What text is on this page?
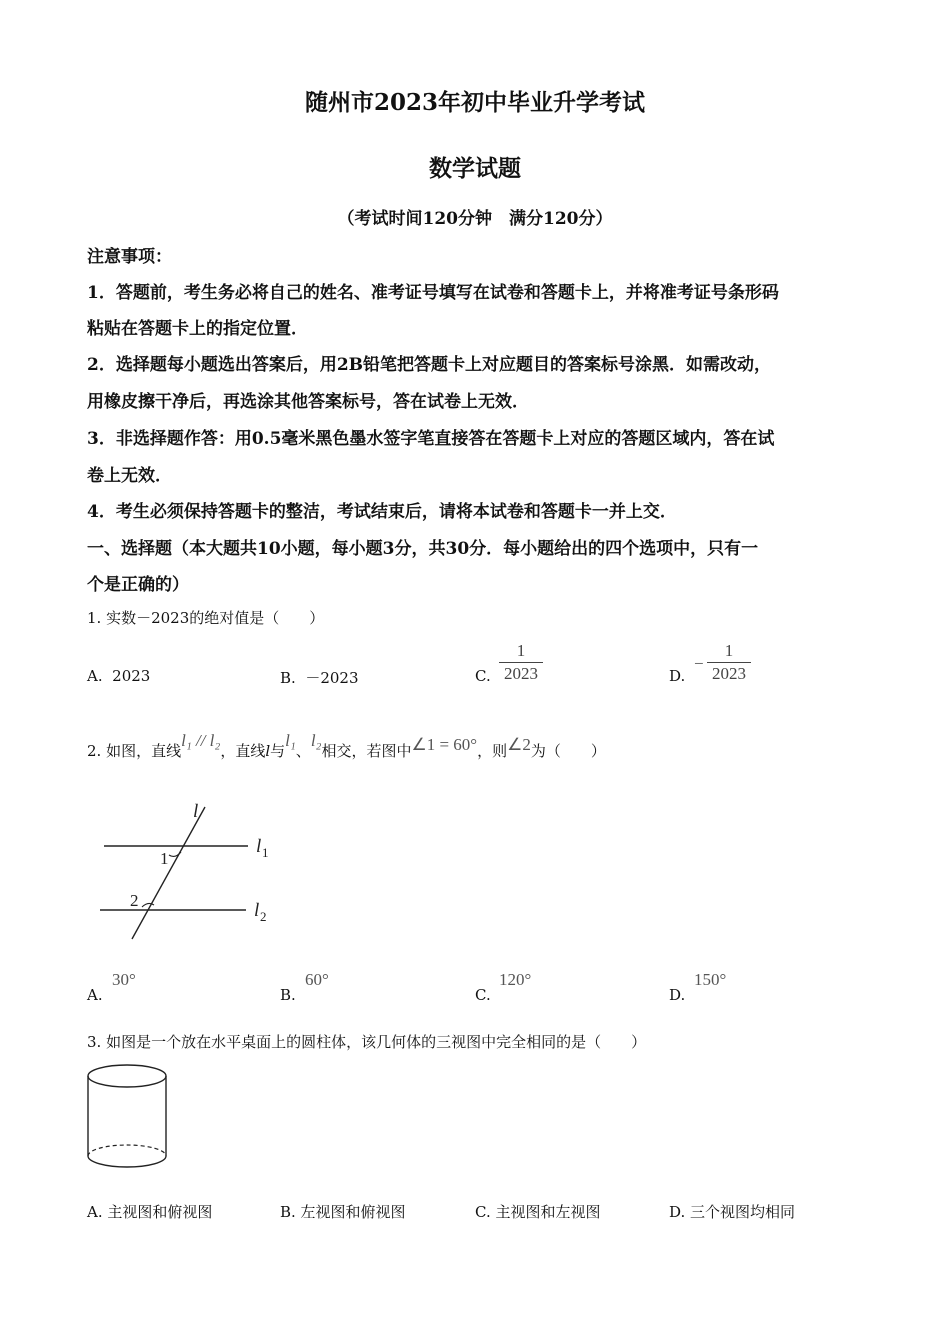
随州市2023年初中毕业升学考试
数学试题
（考试时间120分钟　满分120分）
注意事项：
1．答题前，考生务必将自己的姓名、准考证号填写在试卷和答题卡上，并将准考证号条形码
粘贴在答题卡上的指定位置．
2．选择题每小题选出答案后，用2B铅笔把答题卡上对应题目的答案标号涂黑．如需改动，
用橡皮擦干净后，再选涂其他答案标号，答在试卷上无效．
3．非选择题作答：用0.5毫米黑色墨水签字笔直接答在答题卡上对应的答题区域内，答在试
卷上无效．
4．考生必须保持答题卡的整洁，考试结束后，请将本试卷和答题卡一并上交．
一、选择题（本大题共10小题，每小题3分，共30分．每小题给出的四个选项中，只有一
个是正确的）
1. 实数－2023的绝对值是（　　）
A. 2023	B. －2023	C.
1
2023	D.
−
1
2023
2. 如图，直线l₁ // l₂，直线l与l₁、l₂相交，若图中∠1 = 60°，则∠2为（　　）
l
l 1
l 2
1
2
A.
30°
B.
60°
C.
120°
D.
150°
3. 如图是一个放在水平桌面上的圆柱体，该几何体的三视图中完全相同的是（　　）
A. 主视图和俯视图	B. 左视图和俯视图	C. 主视图和左视图	D. 三个视图均相同
